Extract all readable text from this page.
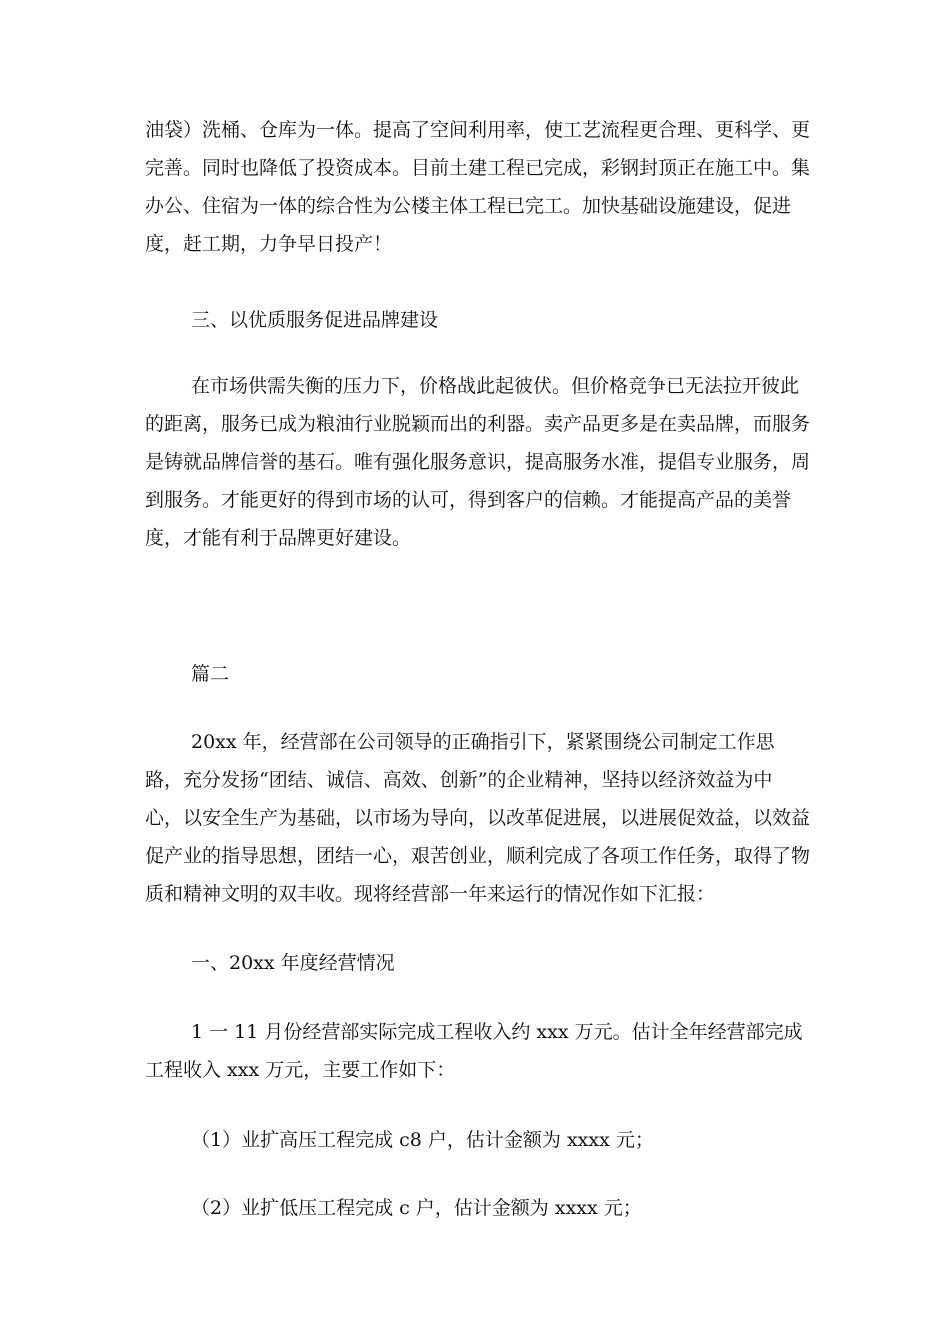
油袋）洗桶、仓库为一体。提高了空间利用率，使工艺流程更合理、更科学、更完善。同时也降低了投资成本。目前土建工程已完成，彩钢封顶正在施工中。集办公、住宿为一体的综合性为公楼主体工程已完工。加快基础设施建设，促进度，赶工期，力争早日投产！

三、以优质服务促进品牌建设

在市场供需失衡的压力下，价格战此起彼伏。但价格竞争已无法拉开彼此的距离，服务已成为粮油行业脱颖而出的利器。卖产品更多是在卖品牌，而服务是铸就品牌信誉的基石。唯有强化服务意识，提高服务水准，提倡专业服务，周到服务。才能更好的得到市场的认可，得到客户的信赖。才能提高产品的美誉度，才能有利于品牌更好建设。

篇二

20xx 年，经营部在公司领导的正确指引下，紧紧围绕公司制定工作思路，充分发扬“团结、诚信、高效、创新”的企业精神，坚持以经济效益为中心，以安全生产为基础，以市场为导向，以改革促进展，以进展促效益，以效益促产业的指导思想，团结一心，艰苦创业，顺利完成了各项工作任务，取得了物质和精神文明的双丰收。现将经营部一年来运行的情况作如下汇报：

一、20xx 年度经营情况

1 一 11 月份经营部实际完成工程收入约 xxx 万元。估计全年经营部完成工程收入 xxx 万元，主要工作如下：

（1）业扩高压工程完成 c8 户，估计金额为 xxxx 元；

（2）业扩低压工程完成 c 户，估计金额为 xxxx 元；
